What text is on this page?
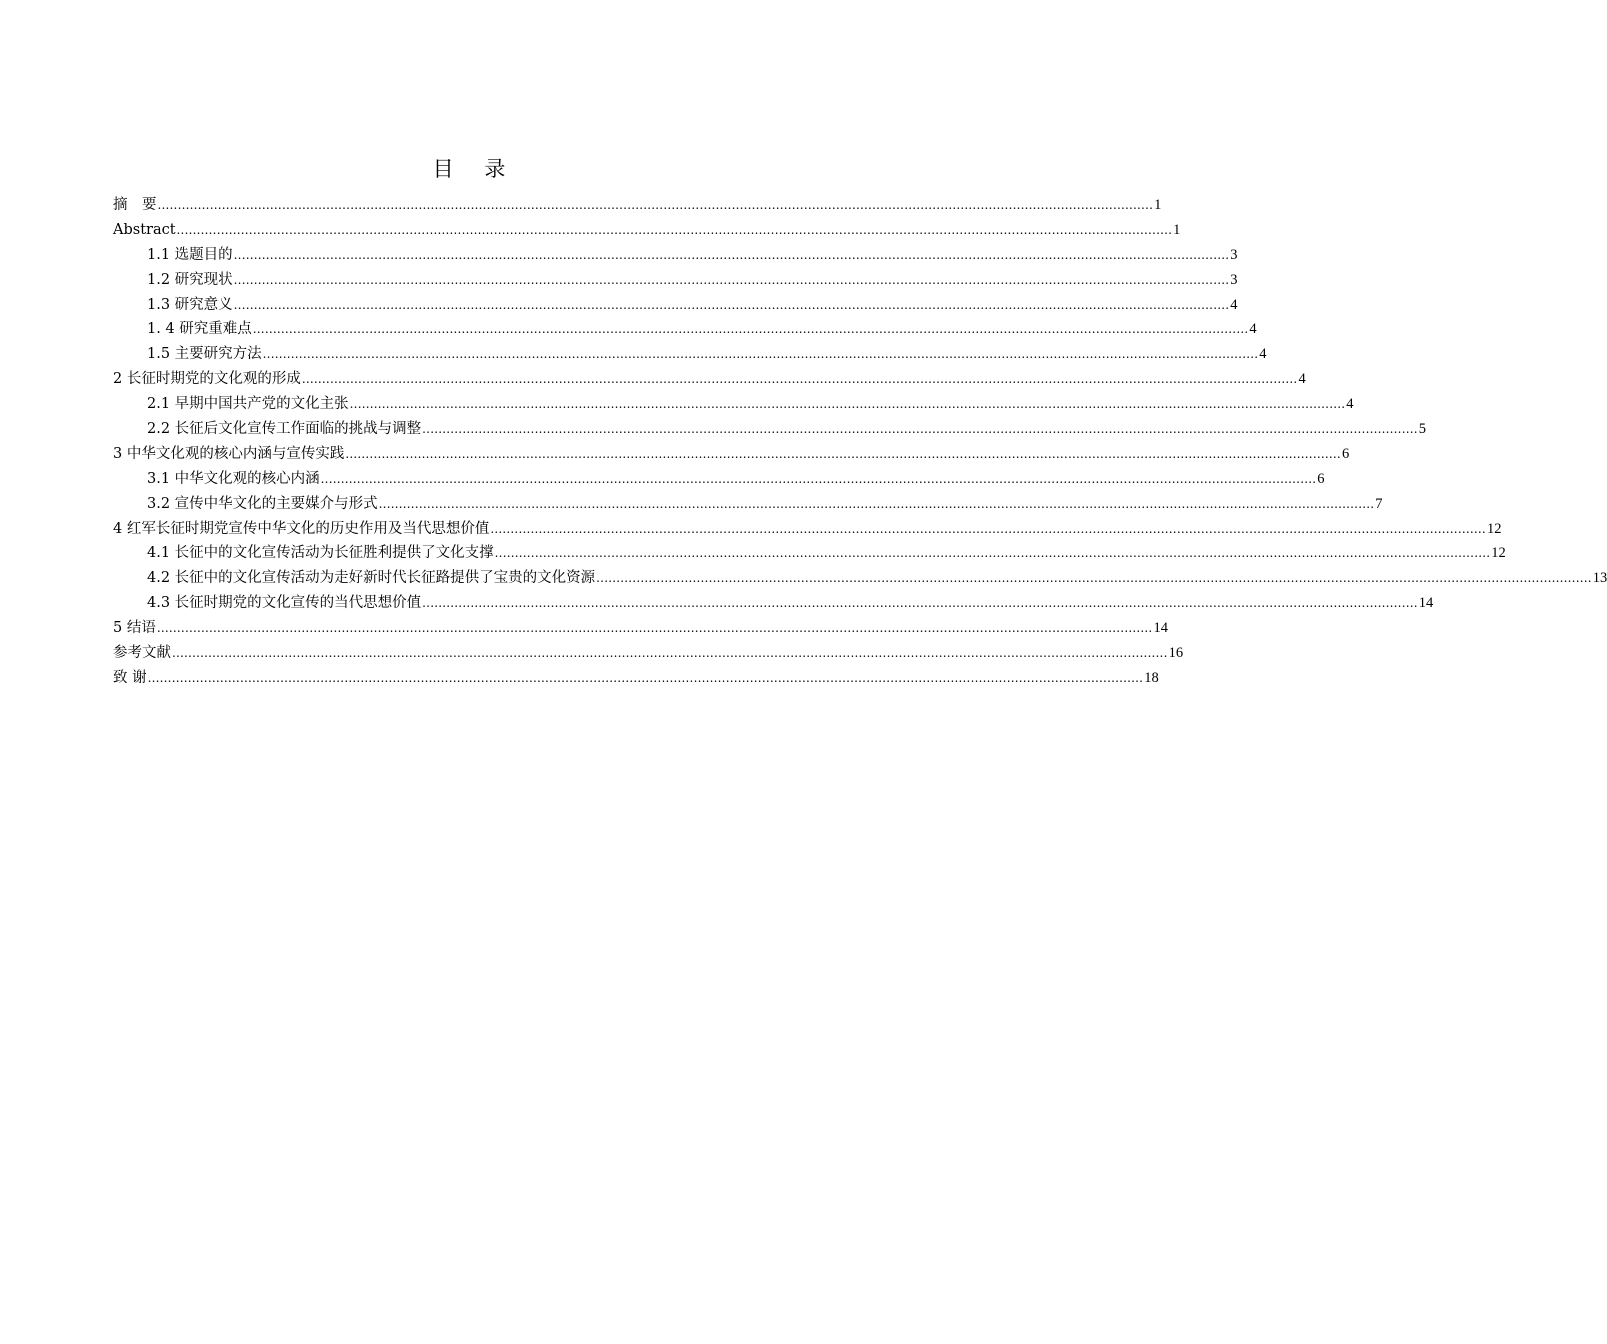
目 录
摘　要 ........................................................................................................................................................................................................................................................ 1
Abstract ........................................................................................................................................................................................................................................................ 1
1.1 选题目的 ........................................................................................................................................................................................................................................................ 3
1.2 研究现状 ........................................................................................................................................................................................................................................................ 3
1.3 研究意义 ........................................................................................................................................................................................................................................................ 4
1. 4 研究重难点 ........................................................................................................................................................................................................................................................ 4
1.5 主要研究方法 ........................................................................................................................................................................................................................................................ 4
2 长征时期党的文化观的形成 ........................................................................................................................................................................................................................................................ 4
2.1 早期中国共产党的文化主张 ........................................................................................................................................................................................................................................................ 4
2.2 长征后文化宣传工作面临的挑战与调整 ........................................................................................................................................................................................................................................................ 5
3 中华文化观的核心内涵与宣传实践 ........................................................................................................................................................................................................................................................ 6
3.1 中华文化观的核心内涵 ........................................................................................................................................................................................................................................................ 6
3.2 宣传中华文化的主要媒介与形式 ........................................................................................................................................................................................................................................................ 7
4 红军长征时期党宣传中华文化的历史作用及当代思想价值 ........................................................................................................................................................................................................................................................ 12
4.1 长征中的文化宣传活动为长征胜利提供了文化支撑 ........................................................................................................................................................................................................................................................ 12
4.2 长征中的文化宣传活动为走好新时代长征路提供了宝贵的文化资源 ........................................................................................................................................................................................................................................................ 13
4.3 长征时期党的文化宣传的当代思想价值 ........................................................................................................................................................................................................................................................ 14
5 结语 ........................................................................................................................................................................................................................................................ 14
参考文献 ........................................................................................................................................................................................................................................................ 16
致 谢 ........................................................................................................................................................................................................................................................ 18
